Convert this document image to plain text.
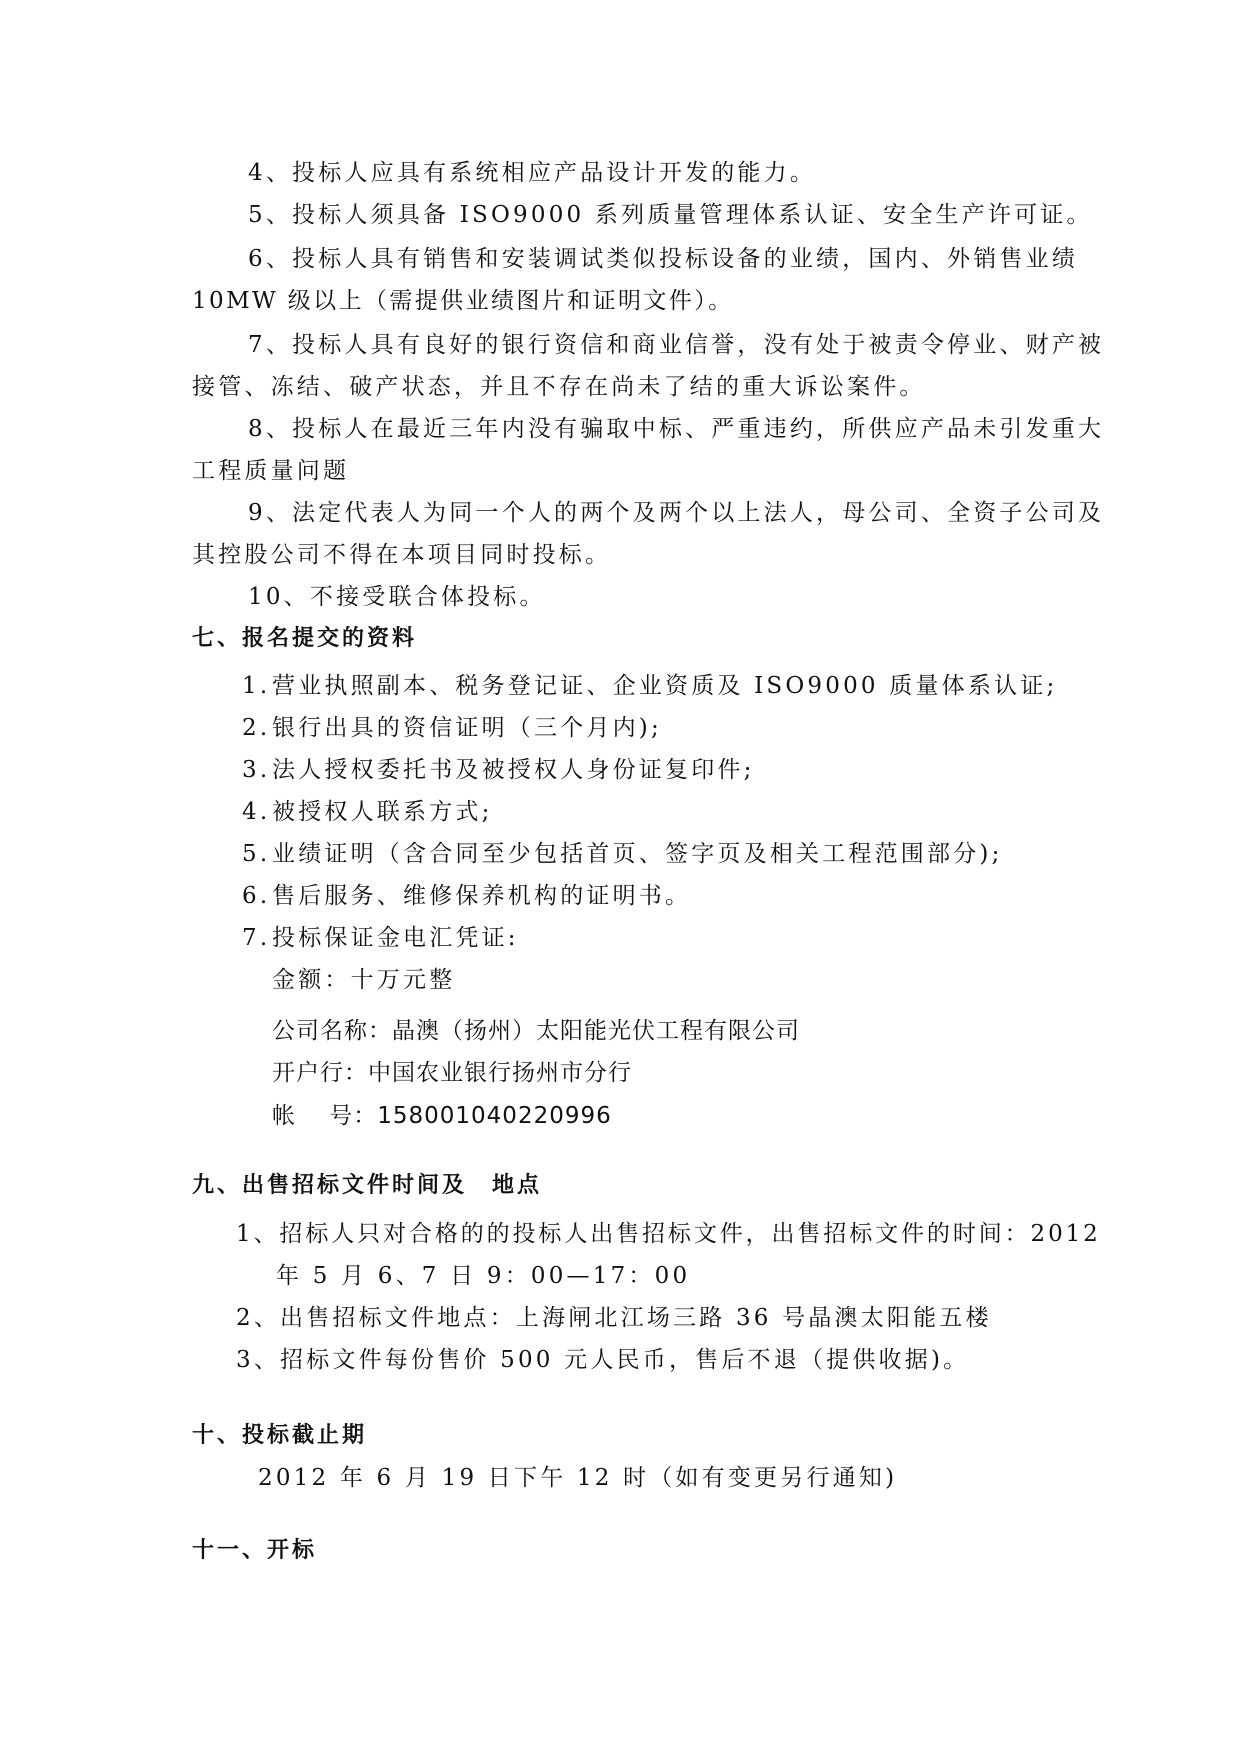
4、投标人应具有系统相应产品设计开发的能力。
5、投标人须具备 ISO9000 系列质量管理体系认证、安全生产许可证。
6、投标人具有销售和安装调试类似投标设备的业绩，国内、外销售业绩
10MW 级以上（需提供业绩图片和证明文件）。
7、投标人具有良好的银行资信和商业信誉，没有处于被责令停业、财产被
接管、冻结、破产状态，并且不存在尚未了结的重大诉讼案件。
8、投标人在最近三年内没有骗取中标、严重违约，所供应产品未引发重大
工程质量问题
9、法定代表人为同一个人的两个及两个以上法人，母公司、全资子公司及
其控股公司不得在本项目同时投标。
10、不接受联合体投标。
七、报名提交的资料
1.营业执照副本、税务登记证、企业资质及 ISO9000 质量体系认证;
2.银行出具的资信证明（三个月内);
3.法人授权委托书及被授权人身份证复印件;
4.被授权人联系方式;
5.业绩证明（含合同至少包括首页、签字页及相关工程范围部分);
6.售后服务、维修保养机构的证明书。
7.投标保证金电汇凭证:
金额：十万元整
公司名称：晶澳（扬州）太阳能光伏工程有限公司
开户行：中国农业银行扬州市分行
帐    号：158001040220996
九、出售招标文件时间及　地点
1、招标人只对合格的的投标人出售招标文件，出售招标文件的时间：2012
年 5 月 6、7 日 9：00—17：00
2、出售招标文件地点：上海闸北江场三路 36 号晶澳太阳能五楼
3、招标文件每份售价 500 元人民币，售后不退（提供收据)。
十、投标截止期
2012 年 6 月 19 日下午 12 时（如有变更另行通知)
十一、开标
